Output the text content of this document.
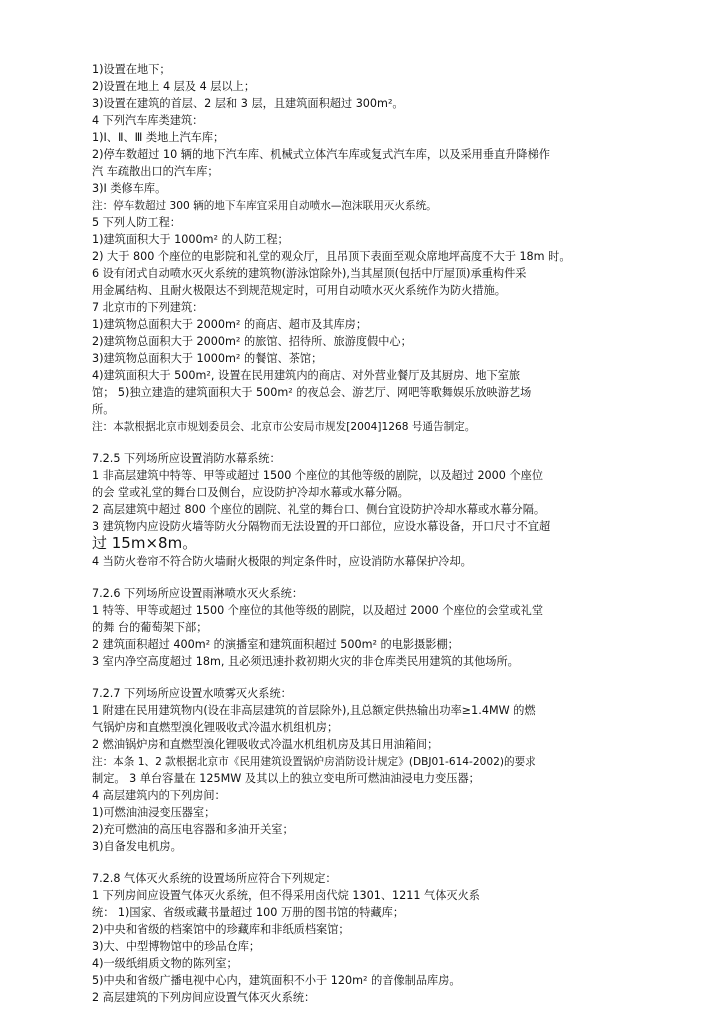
1)设置在地下；
2)设置在地上 4 层及 4 层以上；
3)设置在建筑的首层、2 层和 3 层，且建筑面积超过 300m²。
4 下列汽车库类建筑：
1)Ⅰ、Ⅱ、Ⅲ 类地上汽车库；
2)停车数超过 10 辆的地下汽车库、机械式立体汽车库或复式汽车库，以及采用垂直升降梯作
汽 车疏散出口的汽车库；
3)Ⅰ 类修车库。
注：停车数超过 300 辆的地下车库宜采用自动喷水—泡沫联用灭火系统。
5 下列人防工程：
1)建筑面积大于 1000m² 的人防工程；
2) 大于 800 个座位的电影院和礼堂的观众厅，且吊顶下表面至观众席地坪高度不大于 18m 时。
6 设有闭式自动喷水灭火系统的建筑物(游泳馆除外),当其屋顶(包括中厅屋顶)承重构件采
用金属结构、且耐火极限达不到规范规定时，可用自动喷水灭火系统作为防火措施。
7 北京市的下列建筑：
1)建筑物总面积大于 2000m² 的商店、超市及其库房；
2)建筑物总面积大于 2000m² 的旅馆、招待所、旅游度假中心；
3)建筑物总面积大于 1000m² 的餐馆、茶馆；
4)建筑面积大于 500m², 设置在民用建筑内的商店、对外营业餐厅及其厨房、地下室旅
馆； 5)独立建造的建筑面积大于 500m² 的夜总会、游艺厅、网吧等歌舞娱乐放映游艺场
所。
注：本款根据北京市规划委员会、北京市公安局市规发[2004]1268 号通告制定。
7.2.5 下列场所应设置消防水幕系统：
1 非高层建筑中特等、甲等或超过 1500 个座位的其他等级的剧院，以及超过 2000 个座位
的会 堂或礼堂的舞台口及侧台，应设防护冷却水幕或水幕分隔。
2 高层建筑中超过 800 个座位的剧院、礼堂的舞台口、侧台宜设防护冷却水幕或水幕分隔。
3 建筑物内应设防火墙等防火分隔物而无法设置的开口部位，应设水幕设备，开口尺寸不宜超
过 15m×8m。
4 当防火卷帘不符合防火墙耐火极限的判定条件时，应设消防水幕保护冷却。
7.2.6 下列场所应设置雨淋喷水灭火系统：
1 特等、甲等或超过 1500 个座位的其他等级的剧院，以及超过 2000 个座位的会堂或礼堂
的舞 台的葡萄架下部；
2 建筑面积超过 400m² 的演播室和建筑面积超过 500m² 的电影摄影棚；
3 室内净空高度超过 18m, 且必须迅速扑救初期火灾的非仓库类民用建筑的其他场所。
7.2.7 下列场所应设置水喷雾灭火系统：
1 附建在民用建筑物内(设在非高层建筑的首层除外),且总额定供热输出功率≥1.4MW 的燃
气锅炉房和直燃型溴化锂吸收式冷温水机组机房；
2 燃油锅炉房和直燃型溴化锂吸收式冷温水机组机房及其日用油箱间；
注：本条 1、2 款根据北京市《民用建筑设置锅炉房消防设计规定》(DBJ01-614-2002)的要求
制定。 3 单台容量在 125MW 及其以上的独立变电所可燃油油浸电力变压器；
4 高层建筑内的下列房间：
1)可燃油油浸变压器室；
2)充可燃油的高压电容器和多油开关室；
3)自备发电机房。
7.2.8 气体灭火系统的设置场所应符合下列规定：
1 下列房间应设置气体灭火系统，但不得采用卤代烷 1301、1211 气体灭火系
统： 1)国家、省级或藏书量超过 100 万册的图书馆的特藏库；
2)中央和省级的档案馆中的珍藏库和非纸质档案馆；
3)大、中型博物馆中的珍品仓库；
4)一级纸绢质文物的陈列室；
5)中央和省级广播电视中心内，建筑面积不小于 120m² 的音像制品库房。
2 高层建筑的下列房间应设置气体灭火系统：
